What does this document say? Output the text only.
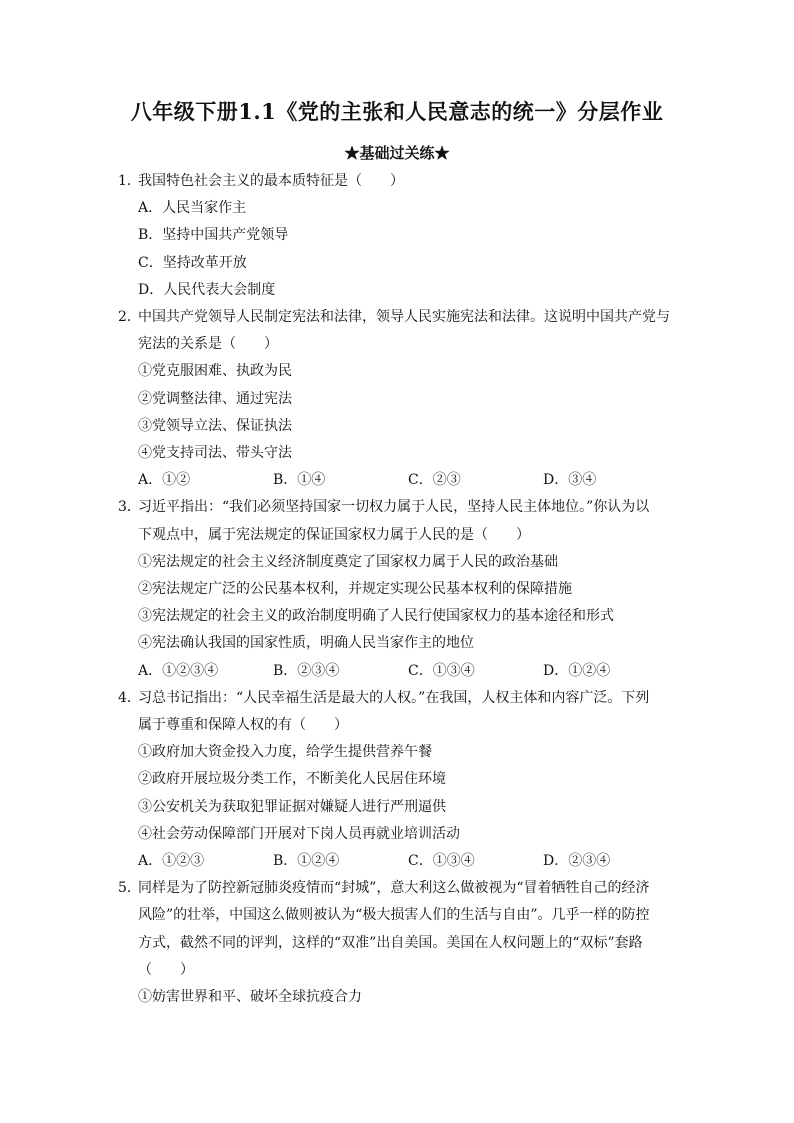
八年级下册1.1《党的主张和人民意志的统一》分层作业
★基础过关练★
1．我国特色社会主义的最本质特征是（　　）
A．人民当家作主
B．坚持中国共产党领导
C．坚持改革开放
D．人民代表大会制度
2．中国共产党领导人民制定宪法和法律，领导人民实施宪法和法律。这说明中国共产党与
宪法的关系是（　　）
①党克服困难、执政为民
②党调整法律、通过宪法
③党领导立法、保证执法
④党支持司法、带头守法
A．①②	B．①④	C．②③	D．③④
3．习近平指出：“我们必须坚持国家一切权力属于人民，坚持人民主体地位。”你认为以
下观点中，属于宪法规定的保证国家权力属于人民的是（　　）
①宪法规定的社会主义经济制度奠定了国家权力属于人民的政治基础
②宪法规定广泛的公民基本权利，并规定实现公民基本权利的保障措施
③宪法规定的社会主义的政治制度明确了人民行使国家权力的基本途径和形式
④宪法确认我国的国家性质，明确人民当家作主的地位
A．①②③④	B．②③④	C．①③④	D．①②④
4．习总书记指出：“人民幸福生活是最大的人权。”在我国，人权主体和内容广泛。下列
属于尊重和保障人权的有（　　）
①政府加大资金投入力度，给学生提供营养午餐
②政府开展垃圾分类工作，不断美化人民居住环境
③公安机关为获取犯罪证据对嫌疑人进行严刑逼供
④社会劳动保障部门开展对下岗人员再就业培训活动
A．①②③	B．①②④	C．①③④	D．②③④
5．同样是为了防控新冠肺炎疫情而“封城”，意大利这么做被视为“冒着牺牲自己的经济
风险”的壮举，中国这么做则被认为“极大损害人们的生活与自由”。几乎一样的防控
方式，截然不同的评判，这样的“双准”出自美国。美国在人权问题上的“双标”套路
（　　）
①妨害世界和平、破坏全球抗疫合力
